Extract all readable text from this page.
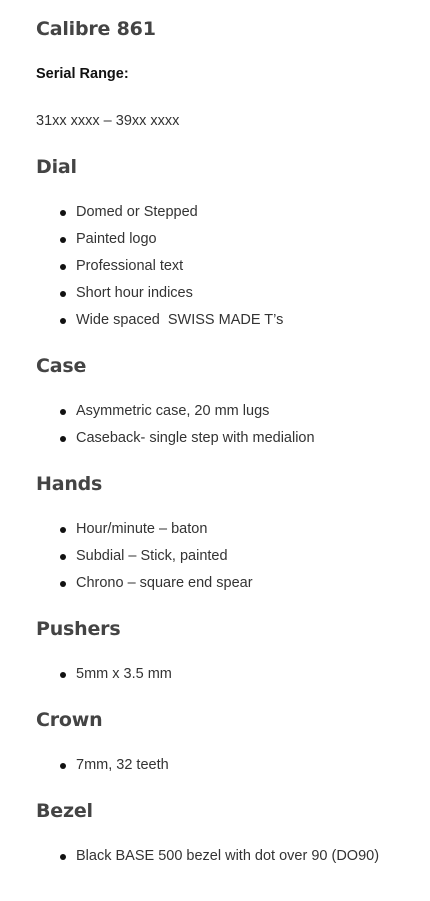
Calibre 861

Serial Range:

31xx xxxx – 39xx xxxx

Dial
Domed or Stepped
Painted logo
Professional text
Short hour indices
Wide spaced  SWISS MADE T’s
Case
Asymmetric case, 20 mm lugs
Caseback- single step with medialion
Hands
Hour/minute – baton
Subdial – Stick, painted
Chrono – square end spear
Pushers
5mm x 3.5 mm
Crown
7mm, 32 teeth
Bezel
Black BASE 500 bezel with dot over 90 (DO90)
